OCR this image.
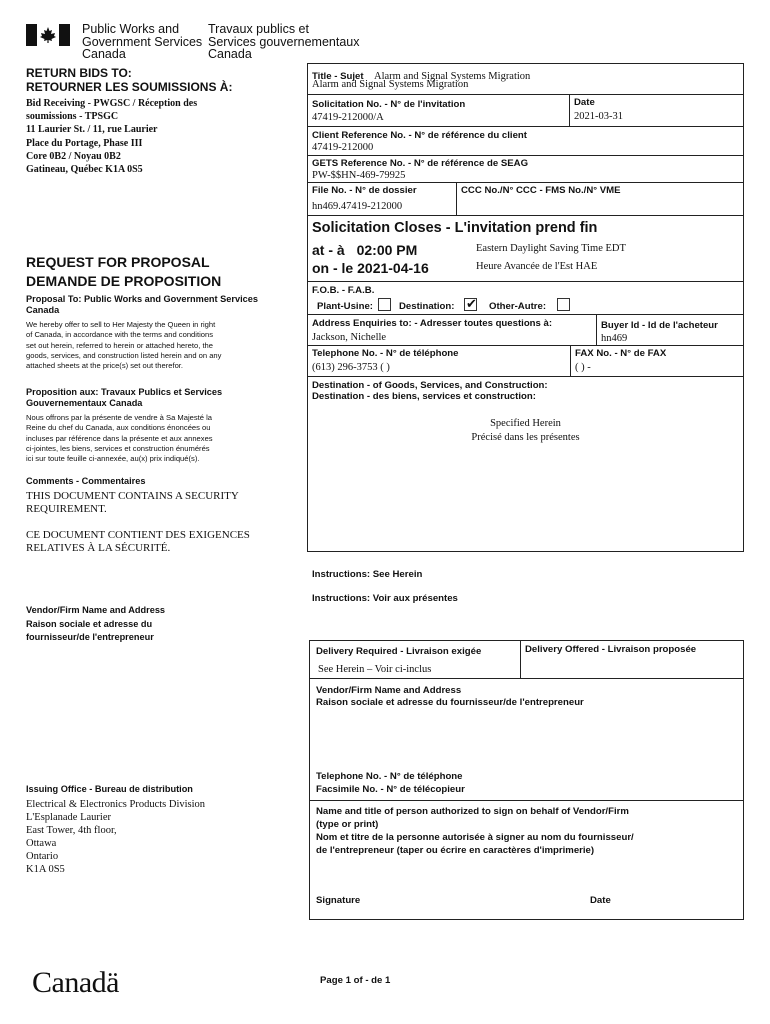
Public Works and
Government Services
Canada
Travaux publics et
Services gouvernementaux
Canada
RETURN BIDS TO:
RETOURNER LES SOUMISSIONS À:
Bid Receiving - PWGSC / Réception des
soumissions - TPSGC
11 Laurier St. / 11, rue Laurier
Place du Portage, Phase III
Core 0B2 / Noyau 0B2
Gatineau, Québec K1A 0S5
REQUEST FOR PROPOSAL
DEMANDE DE PROPOSITION
Proposal To: Public Works and Government Services Canada
We hereby offer to sell to Her Majesty the Queen in right
of Canada, in accordance with the terms and conditions
set out herein, referred to herein or attached hereto, the
goods, services, and construction listed herein and on any
attached sheets at the price(s) set out therefor.
Proposition aux: Travaux Publics et Services Gouvernementaux Canada
Nous offrons par la présente de vendre à Sa Majesté la
Reine du chef du Canada, aux conditions énoncées ou
incluses par référence dans la présente et aux annexes
ci-jointes, les biens, services et construction énumérés
ici sur toute feuille ci-annexée, au(x) prix indiqué(s).
Comments - Commentaires
THIS DOCUMENT CONTAINS A SECURITY
REQUIREMENT.
CE DOCUMENT CONTIENT DES EXIGENCES
RELATIVES À LA SÉCURITÉ.
Vendor/Firm Name and Address
Raison sociale et adresse du
fournisseur/de l'entrepreneur
Issuing Office - Bureau de distribution
Electrical & Electronics Products Division
L'Esplanade Laurier
East Tower, 4th floor,
Ottawa
Ontario
K1A 0S5
Canadä
Title - Sujet Alarm and Signal Systems Migration
Alarm and Signal Systems Migration
Solicitation No. - N° de l'invitation
47419-212000/A
Date
2021-03-31
Client Reference No. - N° de référence du client
47419-212000
GETS Reference No. - N° de référence de SEAG
PW-$$HN-469-79925
File No. - N° de dossier
hn469.47419-212000
CCC No./N° CCC - FMS No./N° VME
Solicitation Closes - L'invitation prend fin
at - à 02:00 PM
on - le 2021-04-16
Eastern Daylight Saving Time EDT
Heure Avancée de l'Est HAE
F.O.B. - F.A.B.
Plant-Usine:	Destination: ✔ Other-Autre:
Address Enquiries to: - Adresser toutes questions à:
Jackson, Nichelle
Buyer Id - Id de l'acheteur
hn469
Telephone No. - N° de téléphone
(613) 296-3753 ( )
FAX No. - N° de FAX
( ) -
Destination - of Goods, Services, and Construction:
Destination - des biens, services et construction:
Specified Herein
Précisé dans les présentes
Instructions: See Herein
Instructions: Voir aux présentes
Delivery Required - Livraison exigée
See Herein – Voir ci-inclus
Delivery Offered - Livraison proposée
Vendor/Firm Name and Address
Raison sociale et adresse du fournisseur/de l'entrepreneur
Telephone No. - N° de téléphone
Facsimile No. - N° de télécopieur
Name and title of person authorized to sign on behalf of Vendor/Firm
(type or print)
Nom et titre de la personne autorisée à signer au nom du fournisseur/
de l'entrepreneur (taper ou écrire en caractères d'imprimerie)
Signature	Date
Page 1 of - de 1
